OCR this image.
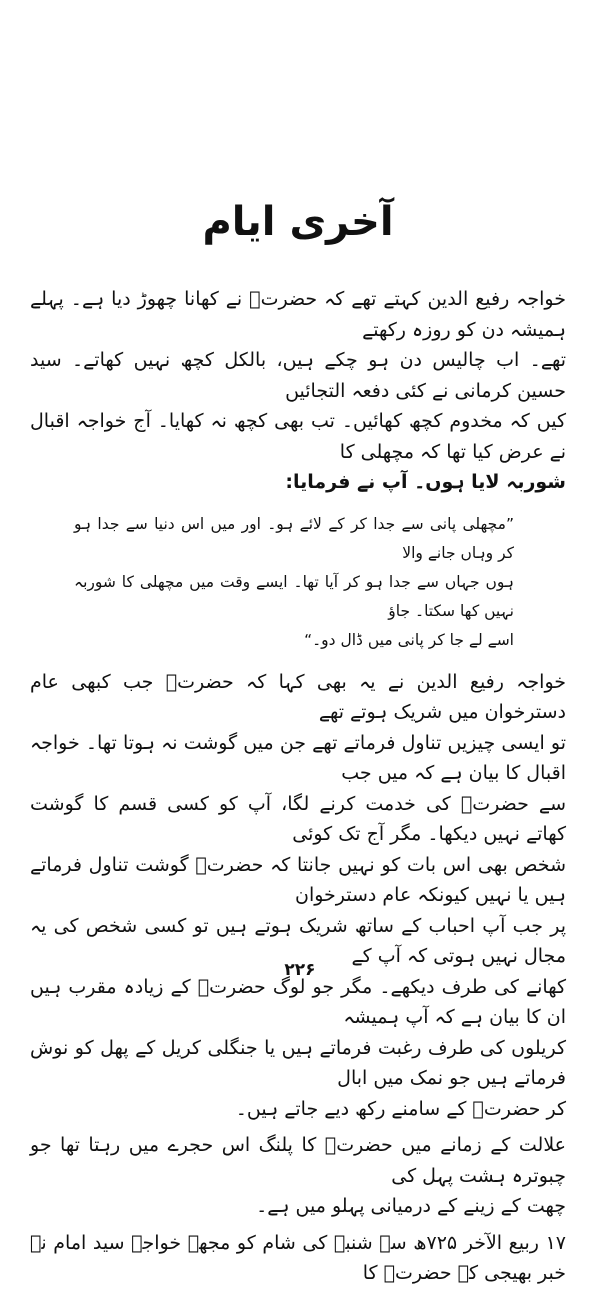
آخری ایام

خواجہ رفیع الدین کہتے تھے کہ حضرتؒ نے کھانا چھوڑ دیا ہے۔ پہلے ہمیشہ دن کو روزہ رکھتے

تھے۔ اب چالیس دن ہو چکے ہیں، بالکل کچھ نہیں کھاتے۔ سید حسین کرمانی نے کئی دفعہ التجائیں

کیں کہ مخدوم کچھ کھائیں۔ تب بھی کچھ نہ کھایا۔ آج خواجہ اقبال نے عرض کیا تھا کہ مچھلی کا

شوربہ لایا ہوں۔ آپ نے فرمایا:

”مچھلی پانی سے جدا کر کے لائے ہو۔ اور میں اس دنیا سے جدا ہو کر وہاں جانے والا

ہوں جہاں سے جدا ہو کر آیا تھا۔ ایسے وقت میں مچھلی کا شوربہ نہیں کھا سکتا۔ جاؤ

اسے لے جا کر پانی میں ڈال دو۔“

خواجہ رفیع الدین نے یہ بھی کہا کہ حضرتؒ جب کبھی عام دسترخوان میں شریک ہوتے تھے

تو ایسی چیزیں تناول فرماتے تھے جن میں گوشت نہ ہوتا تھا۔ خواجہ اقبال کا بیان ہے کہ میں جب

سے حضرتؒ کی خدمت کرنے لگا، آپ کو کسی قسم کا گوشت کھاتے نہیں دیکھا۔ مگر آج تک کوئی

شخص بھی اس بات کو نہیں جانتا کہ حضرتؒ گوشت تناول فرماتے ہیں یا نہیں کیونکہ عام دسترخوان

پر جب آپ احباب کے ساتھ شریک ہوتے ہیں تو کسی شخص کی یہ مجال نہیں ہوتی کہ آپ کے

کھانے کی طرف دیکھے۔ مگر جو لوگ حضرتؒ کے زیادہ مقرب ہیں ان کا بیان ہے کہ آپ ہمیشہ

کریلوں کی طرف رغبت فرماتے ہیں یا جنگلی کریل کے پھل کو نوش فرماتے ہیں جو نمک میں ابال

کر حضرتؒ کے سامنے رکھ دیے جاتے ہیں۔

علالت کے زمانے میں حضرتؒ کا پلنگ اس حجرے میں رہتا تھا جو چبوترہ ہشت پہل کی

چھت کے زینے کے درمیانی پہلو میں ہے۔

۱۷ ربیع الآخر ۷۲۵ھ سہ شنبہ کی شام کو مجھے خواجہ سید امام نے خبر بھیجی کہ حضرتؒ کا

۲۲۶
